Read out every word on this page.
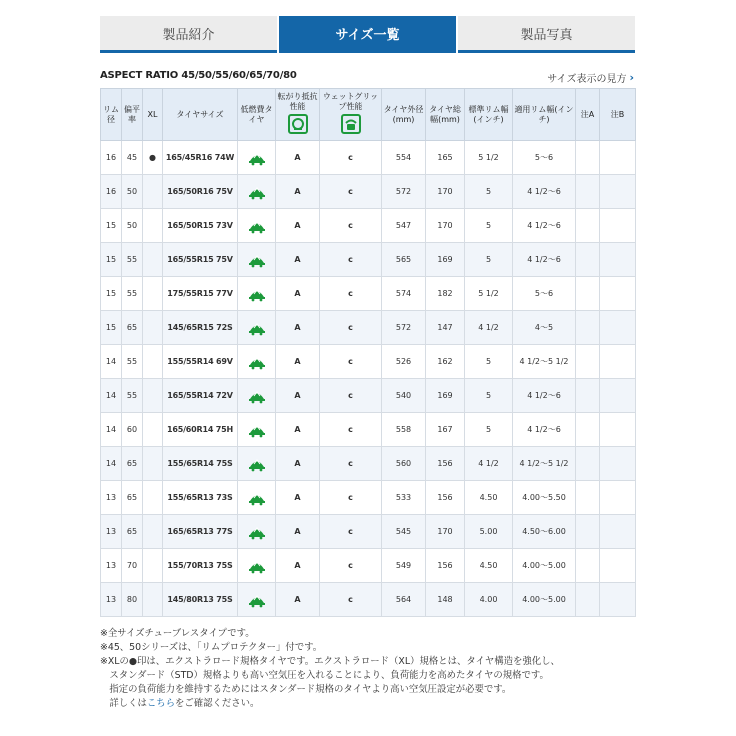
製品紹介	サイズ一覧	製品写真
ASPECT RATIO 45/50/55/60/65/70/80	サイズ表示の見方 ›
リム径	偏平率	XL	タイヤサイズ	低燃費タイヤ	転がり抵抗性能	ウェットグリップ性能	タイヤ外径(mm)	タイヤ総幅(mm)	標準リム幅(インチ)	適用リム幅(インチ)	注A	注B
16	45	●	165/45R16 74W		A	c	554	165	5 1/2	5～6		
16	50		165/50R16 75V		A	c	572	170	5	4 1/2～6		
15	50		165/50R15 73V		A	c	547	170	5	4 1/2～6		
15	55		165/55R15 75V		A	c	565	169	5	4 1/2～6		
15	55		175/55R15 77V		A	c	574	182	5 1/2	5～6		
15	65		145/65R15 72S		A	c	572	147	4 1/2	4～5		
14	55		155/55R14 69V		A	c	526	162	5	4 1/2～5 1/2		
14	55		165/55R14 72V		A	c	540	169	5	4 1/2～6		
14	60		165/60R14 75H		A	c	558	167	5	4 1/2～6		
14	65		155/65R14 75S		A	c	560	156	4 1/2	4 1/2～5 1/2		
13	65		155/65R13 73S		A	c	533	156	4.50	4.00～5.50		
13	65		165/65R13 77S		A	c	545	170	5.00	4.50～6.00		
13	70		155/70R13 75S		A	c	549	156	4.50	4.00～5.00		
13	80		145/80R13 75S		A	c	564	148	4.00	4.00～5.00		

※全サイズチューブレスタイプです。

※45、50シリーズは、「リムプロテクター」付です。

※XLの●印は、エクストラロード規格タイヤです。エクストラロード（XL）規格とは、タイヤ構造を強化し、

　スタンダード（STD）規格よりも高い空気圧を入れることにより、負荷能力を高めたタイヤの規格です。

　指定の負荷能力を維持するためにはスタンダード規格のタイヤより高い空気圧設定が必要です。

　詳しくはこちらをご確認ください。
